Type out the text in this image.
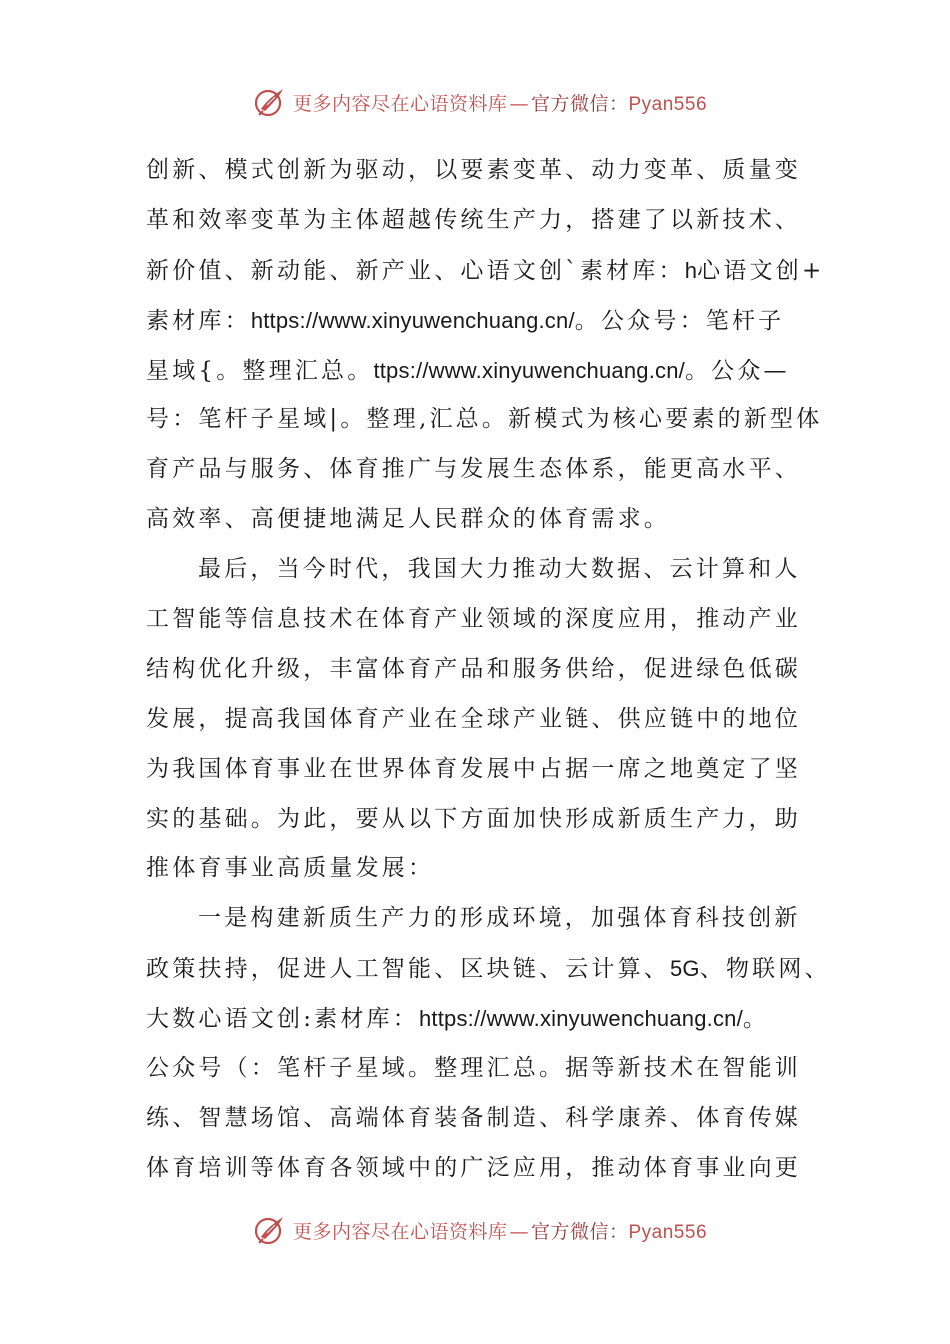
更多内容尽在心语资料库 — 官方微信： Pyan556
创新、模式创新为驱动，以要素变革、动力变革、质量变
革和效率变革为主体超越传统生产力，搭建了以新技术、
新价值、新动能、新产业、心语文创`素材库：h心语文创+
素材库：https://www.xinyuwenchuang.cn/。公众号：笔杆子
星域{。整理汇总。ttps://www.xinyuwenchuang.cn/。公众—
号：笔杆子星域|。整理,汇总。新模式为核心要素的新型体
育产品与服务、体育推广与发展生态体系，能更高水平、
高效率、高便捷地满足人民群众的体育需求。
最后，当今时代，我国大力推动大数据、云计算和人
工智能等信息技术在体育产业领域的深度应用，推动产业
结构优化升级，丰富体育产品和服务供给，促进绿色低碳
发展，提高我国体育产业在全球产业链、供应链中的地位
为我国体育事业在世界体育发展中占据一席之地奠定了坚
实的基础。为此，要从以下方面加快形成新质生产力，助
推体育事业高质量发展：
一是构建新质生产力的形成环境，加强体育科技创新
政策扶持，促进人工智能、区块链、云计算、5G、物联网、
大数心语文创:素材库：https://www.xinyuwenchuang.cn/。
公众号（：笔杆子星域。整理汇总。据等新技术在智能训
练、智慧场馆、高端体育装备制造、科学康养、体育传媒
体育培训等体育各领域中的广泛应用，推动体育事业向更
更多内容尽在心语资料库 — 官方微信： Pyan556
